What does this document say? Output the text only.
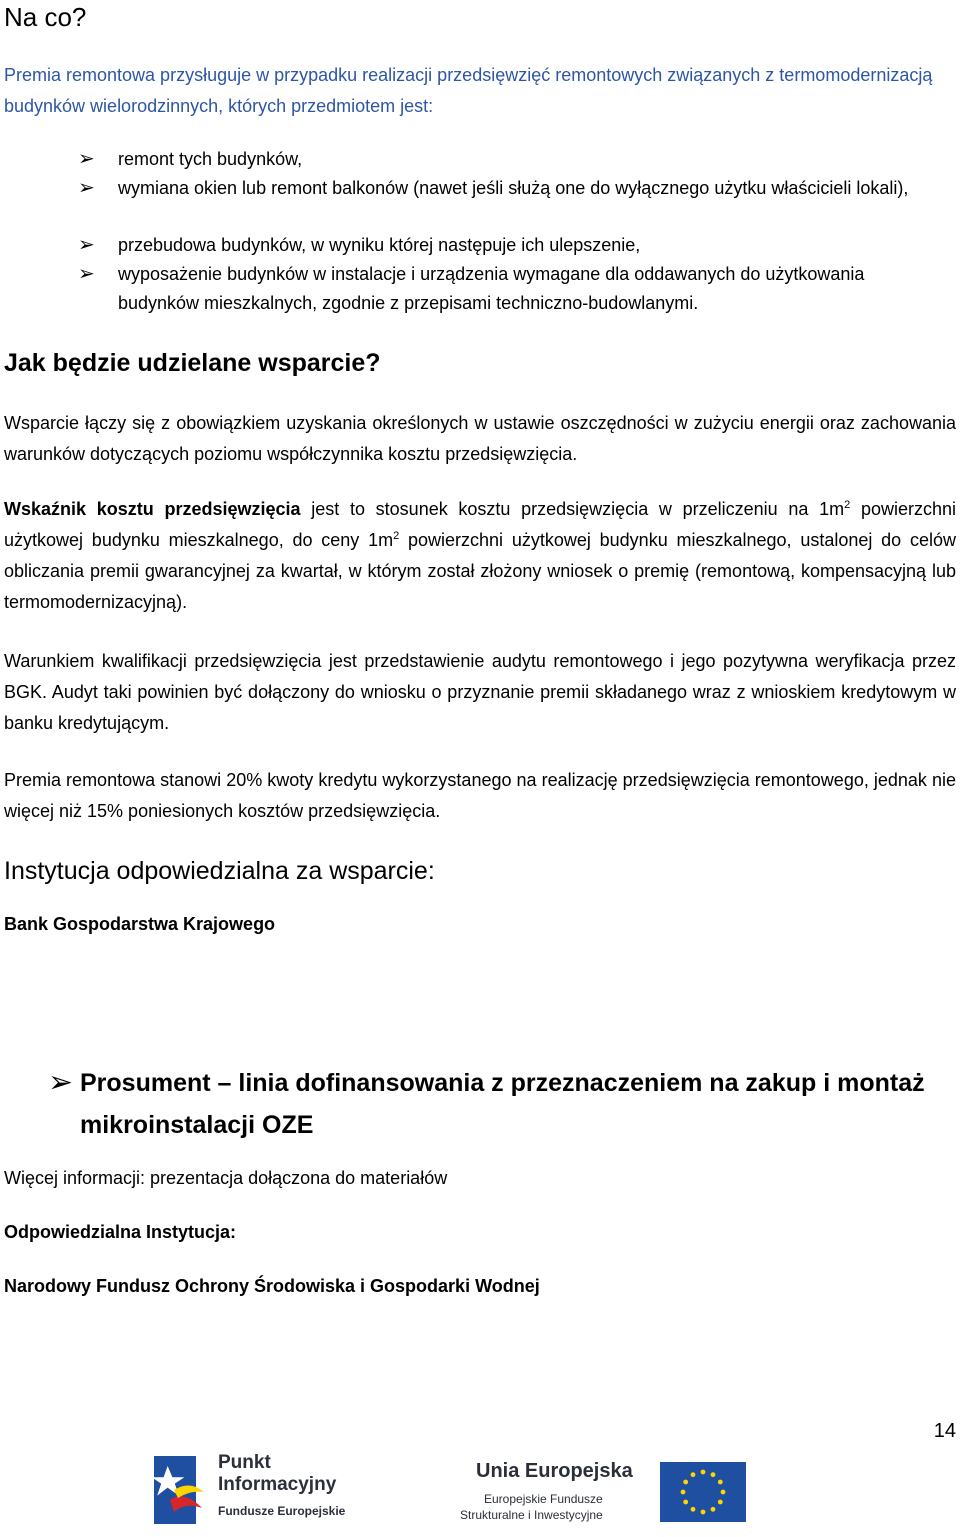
Na co?
Premia remontowa przysługuje w przypadku realizacji przedsięwzięć remontowych związanych z termomodernizacją budynków wielorodzinnych, których przedmiotem jest:
➢ remont tych budynków,
➢ wymiana okien lub remont balkonów (nawet jeśli służą one do wyłącznego użytku właścicieli lokali),
➢ przebudowa budynków, w wyniku której następuje ich ulepszenie,
➢ wyposażenie budynków w instalacje i urządzenia wymagane dla oddawanych do użytkowania budynków mieszkalnych, zgodnie z przepisami techniczno-budowlanymi.
Jak będzie udzielane wsparcie?
Wsparcie łączy się z obowiązkiem uzyskania określonych w ustawie oszczędności w zużyciu energii oraz zachowania warunków dotyczących poziomu współczynnika kosztu przedsięwzięcia.
Wskaźnik kosztu przedsięwzięcia jest to stosunek kosztu przedsięwzięcia w przeliczeniu na $1m^2$ powierzchni użytkowej budynku mieszkalnego, do ceny $1m^2$ powierzchni użytkowej budynku mieszkalnego, ustalonej do celów obliczania premii gwarancyjnej za kwartał, w którym został złożony wniosek o premię (remontową, kompensacyjną lub termomodernizacyjną).
Warunkiem kwalifikacji przedsięwzięcia jest przedstawienie audytu remontowego i jego pozytywna weryfikacja przez BGK. Audyt taki powinien być dołączony do wniosku o przyznanie premii składanego wraz z wnioskiem kredytowym w banku kredytującym.
Premia remontowa stanowi 20% kwoty kredytu wykorzystanego na realizację przedsięwzięcia remontowego, jednak nie więcej niż 15% poniesionych kosztów przedsięwzięcia.
Instytucja odpowiedzialna za wsparcie:
Bank Gospodarstwa Krajowego
➢ Prosument – linia dofinansowania z przeznaczeniem na zakup i montaż mikroinstalacji OZE
Więcej informacji: prezentacja dołączona do materiałów
Odpowiedzialna Instytucja:
Narodowy Fundusz Ochrony Środowiska i Gospodarki Wodnej
14
Punkt
Informacyjny
Fundusze Europejskie
Unia Europejska
Europejskie Fundusze
Strukturalne i Inwestycyjne
